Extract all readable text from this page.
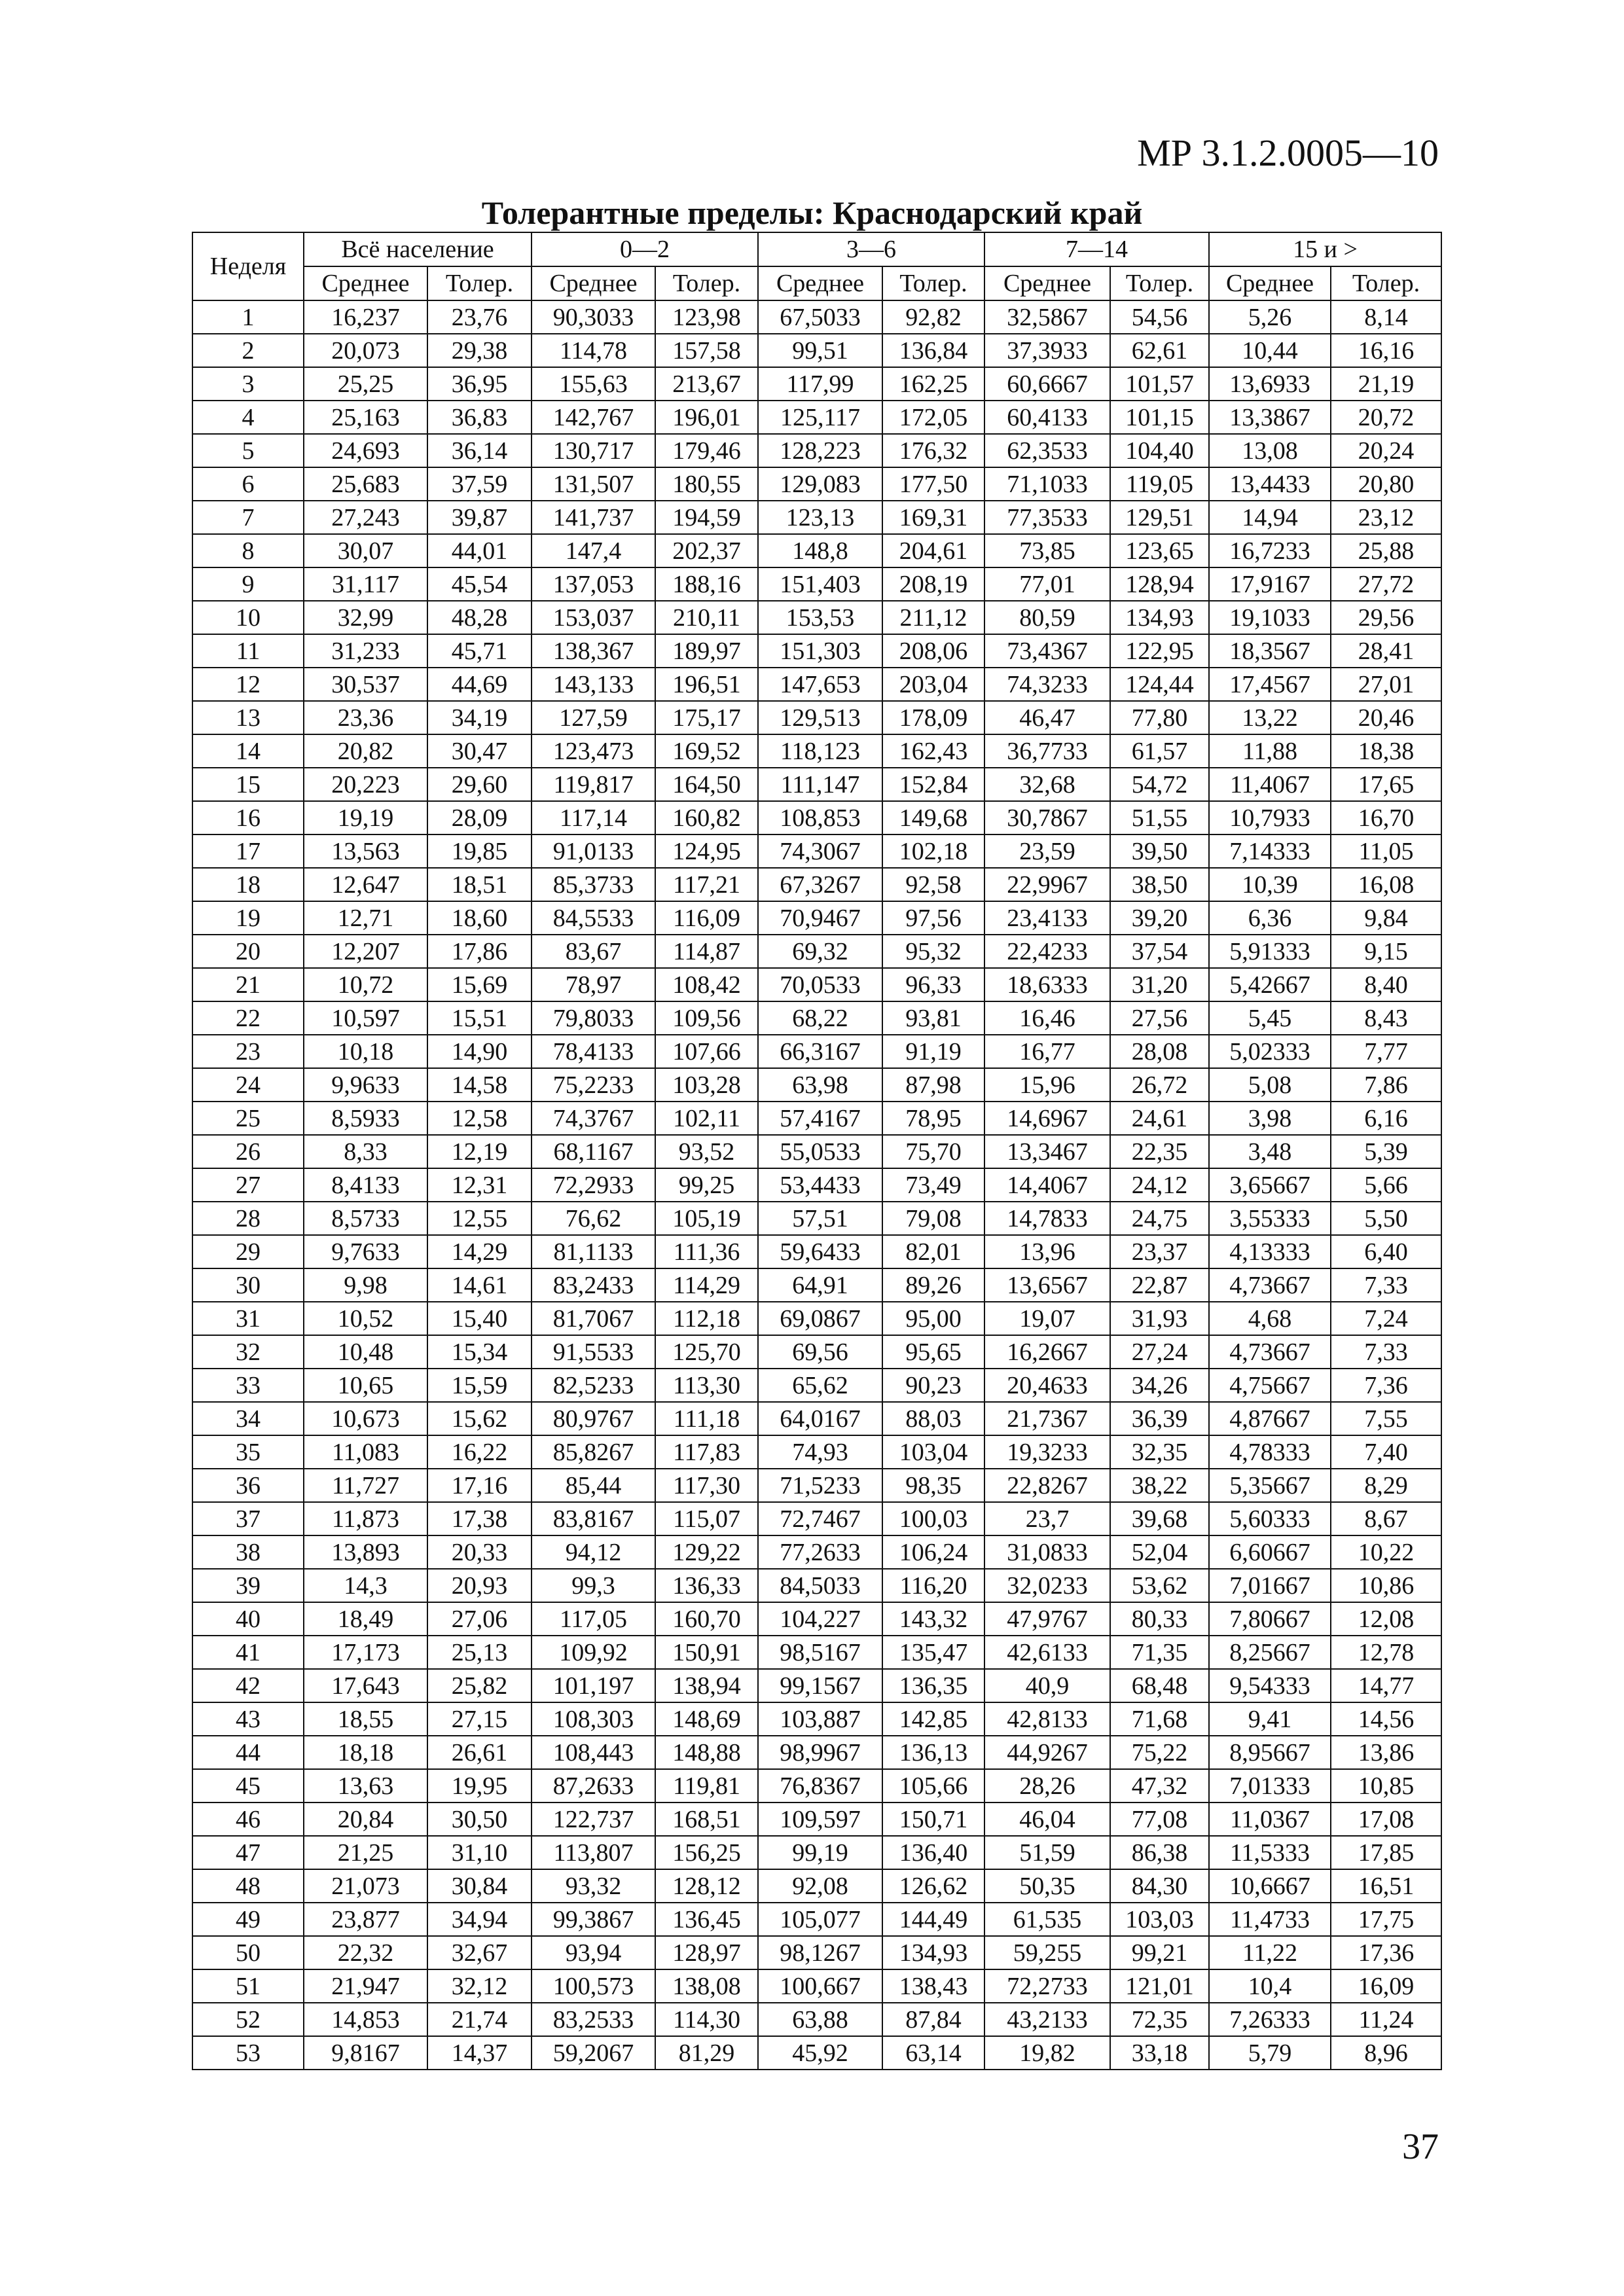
МР 3.1.2.0005—10
Толерантные пределы: Краснодарский край
Неделя	Всё население		0—2		3—6		7—14		15 и >	
	Среднее	Толер.	Среднее	Толер.	Среднее	Толер.	Среднее	Толер.	Среднее	Толер.
1	16,237	23,76	90,3033	123,98	67,5033	92,82	32,5867	54,56	5,26	8,14
2	20,073	29,38	114,78	157,58	99,51	136,84	37,3933	62,61	10,44	16,16
3	25,25	36,95	155,63	213,67	117,99	162,25	60,6667	101,57	13,6933	21,19
4	25,163	36,83	142,767	196,01	125,117	172,05	60,4133	101,15	13,3867	20,72
5	24,693	36,14	130,717	179,46	128,223	176,32	62,3533	104,40	13,08	20,24
6	25,683	37,59	131,507	180,55	129,083	177,50	71,1033	119,05	13,4433	20,80
7	27,243	39,87	141,737	194,59	123,13	169,31	77,3533	129,51	14,94	23,12
8	30,07	44,01	147,4	202,37	148,8	204,61	73,85	123,65	16,7233	25,88
9	31,117	45,54	137,053	188,16	151,403	208,19	77,01	128,94	17,9167	27,72
10	32,99	48,28	153,037	210,11	153,53	211,12	80,59	134,93	19,1033	29,56
11	31,233	45,71	138,367	189,97	151,303	208,06	73,4367	122,95	18,3567	28,41
12	30,537	44,69	143,133	196,51	147,653	203,04	74,3233	124,44	17,4567	27,01
13	23,36	34,19	127,59	175,17	129,513	178,09	46,47	77,80	13,22	20,46
14	20,82	30,47	123,473	169,52	118,123	162,43	36,7733	61,57	11,88	18,38
15	20,223	29,60	119,817	164,50	111,147	152,84	32,68	54,72	11,4067	17,65
16	19,19	28,09	117,14	160,82	108,853	149,68	30,7867	51,55	10,7933	16,70
17	13,563	19,85	91,0133	124,95	74,3067	102,18	23,59	39,50	7,14333	11,05
18	12,647	18,51	85,3733	117,21	67,3267	92,58	22,9967	38,50	10,39	16,08
19	12,71	18,60	84,5533	116,09	70,9467	97,56	23,4133	39,20	6,36	9,84
20	12,207	17,86	83,67	114,87	69,32	95,32	22,4233	37,54	5,91333	9,15
21	10,72	15,69	78,97	108,42	70,0533	96,33	18,6333	31,20	5,42667	8,40
22	10,597	15,51	79,8033	109,56	68,22	93,81	16,46	27,56	5,45	8,43
23	10,18	14,90	78,4133	107,66	66,3167	91,19	16,77	28,08	5,02333	7,77
24	9,9633	14,58	75,2233	103,28	63,98	87,98	15,96	26,72	5,08	7,86
25	8,5933	12,58	74,3767	102,11	57,4167	78,95	14,6967	24,61	3,98	6,16
26	8,33	12,19	68,1167	93,52	55,0533	75,70	13,3467	22,35	3,48	5,39
27	8,4133	12,31	72,2933	99,25	53,4433	73,49	14,4067	24,12	3,65667	5,66
28	8,5733	12,55	76,62	105,19	57,51	79,08	14,7833	24,75	3,55333	5,50
29	9,7633	14,29	81,1133	111,36	59,6433	82,01	13,96	23,37	4,13333	6,40
30	9,98	14,61	83,2433	114,29	64,91	89,26	13,6567	22,87	4,73667	7,33
31	10,52	15,40	81,7067	112,18	69,0867	95,00	19,07	31,93	4,68	7,24
32	10,48	15,34	91,5533	125,70	69,56	95,65	16,2667	27,24	4,73667	7,33
33	10,65	15,59	82,5233	113,30	65,62	90,23	20,4633	34,26	4,75667	7,36
34	10,673	15,62	80,9767	111,18	64,0167	88,03	21,7367	36,39	4,87667	7,55
35	11,083	16,22	85,8267	117,83	74,93	103,04	19,3233	32,35	4,78333	7,40
36	11,727	17,16	85,44	117,30	71,5233	98,35	22,8267	38,22	5,35667	8,29
37	11,873	17,38	83,8167	115,07	72,7467	100,03	23,7	39,68	5,60333	8,67
38	13,893	20,33	94,12	129,22	77,2633	106,24	31,0833	52,04	6,60667	10,22
39	14,3	20,93	99,3	136,33	84,5033	116,20	32,0233	53,62	7,01667	10,86
40	18,49	27,06	117,05	160,70	104,227	143,32	47,9767	80,33	7,80667	12,08
41	17,173	25,13	109,92	150,91	98,5167	135,47	42,6133	71,35	8,25667	12,78
42	17,643	25,82	101,197	138,94	99,1567	136,35	40,9	68,48	9,54333	14,77
43	18,55	27,15	108,303	148,69	103,887	142,85	42,8133	71,68	9,41	14,56
44	18,18	26,61	108,443	148,88	98,9967	136,13	44,9267	75,22	8,95667	13,86
45	13,63	19,95	87,2633	119,81	76,8367	105,66	28,26	47,32	7,01333	10,85
46	20,84	30,50	122,737	168,51	109,597	150,71	46,04	77,08	11,0367	17,08
47	21,25	31,10	113,807	156,25	99,19	136,40	51,59	86,38	11,5333	17,85
48	21,073	30,84	93,32	128,12	92,08	126,62	50,35	84,30	10,6667	16,51
49	23,877	34,94	99,3867	136,45	105,077	144,49	61,535	103,03	11,4733	17,75
50	22,32	32,67	93,94	128,97	98,1267	134,93	59,255	99,21	11,22	17,36
51	21,947	32,12	100,573	138,08	100,667	138,43	72,2733	121,01	10,4	16,09
52	14,853	21,74	83,2533	114,30	63,88	87,84	43,2133	72,35	7,26333	11,24
53	9,8167	14,37	59,2067	81,29	45,92	63,14	19,82	33,18	5,79	8,96
37
